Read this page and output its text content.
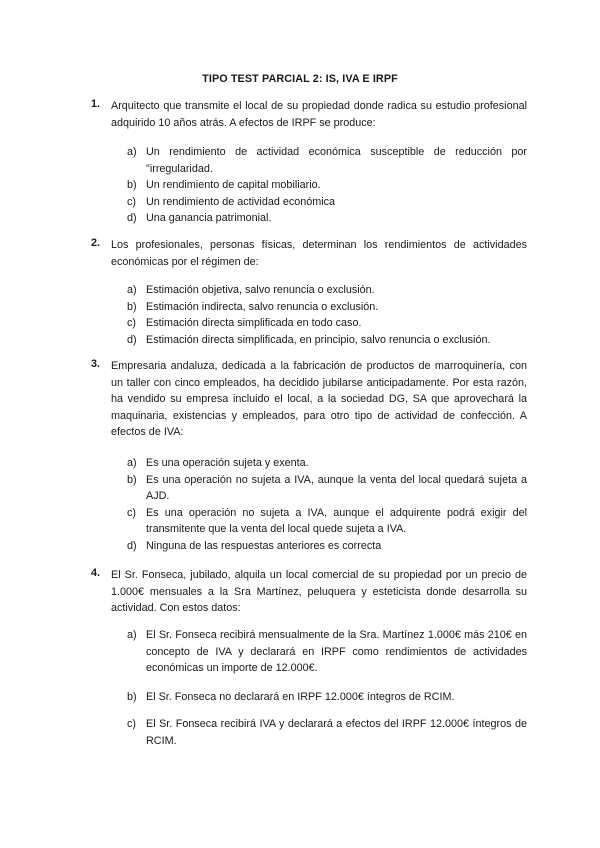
TIPO TEST PARCIAL 2: IS, IVA E IRPF
1. Arquitecto que transmite el local de su propiedad donde radica su estudio profesional adquirido 10 años atrás. A efectos de IRPF se produce:
a) Un rendimiento de actividad económica susceptible de reducción por "irregularidad.
b) Un rendimiento de capital mobiliario.
c) Un rendimiento de actividad económica
d) Una ganancia patrimonial.
2. Los profesionales, personas físicas, determinan los rendimientos de actividades económicas por el régimen de:
a) Estimación objetiva, salvo renuncia o exclusión.
b) Estimación indirecta, salvo renuncia o exclusión.
c) Estimación directa simplificada en todo caso.
d) Estimación directa simplificada, en principio, salvo renuncia o exclusión.
3. Empresaria andaluza, dedicada a la fabricación de productos de marroquinería, con un taller con cinco empleados, ha decidido jubilarse anticipadamente. Por esta razón, ha vendido su empresa incluido el local, a la sociedad DG, SA que aprovechará la maquinaria, existencias y empleados, para otro tipo de actividad de confección. A efectos de IVA:
a) Es una operación sujeta y exenta.
b) Es una operación no sujeta a IVA, aunque la venta del local quedará sujeta a AJD.
c) Es una operación no sujeta a IVA, aunque el adquirente podrá exigir del transmitente que la venta del local quede sujeta a IVA.
d) Ninguna de las respuestas anteriores es correcta
4. El Sr. Fonseca, jubilado, alquila un local comercial de su propiedad por un precio de 1.000€ mensuales a la Sra Martínez, peluquera y esteticista donde desarrolla su actividad. Con estos datos:
a) El Sr. Fonseca recibirá mensualmente de la Sra. Martínez 1.000€ más 210€ en concepto de IVA y declarará en IRPF como rendimientos de actividades económicas un importe de 12.000€.
b) El Sr. Fonseca no declarará en IRPF 12.000€ íntegros de RCIM.
c) El Sr. Fonseca recibirá IVA y declarará a efectos del IRPF 12.000€ íntegros de RCIM.
